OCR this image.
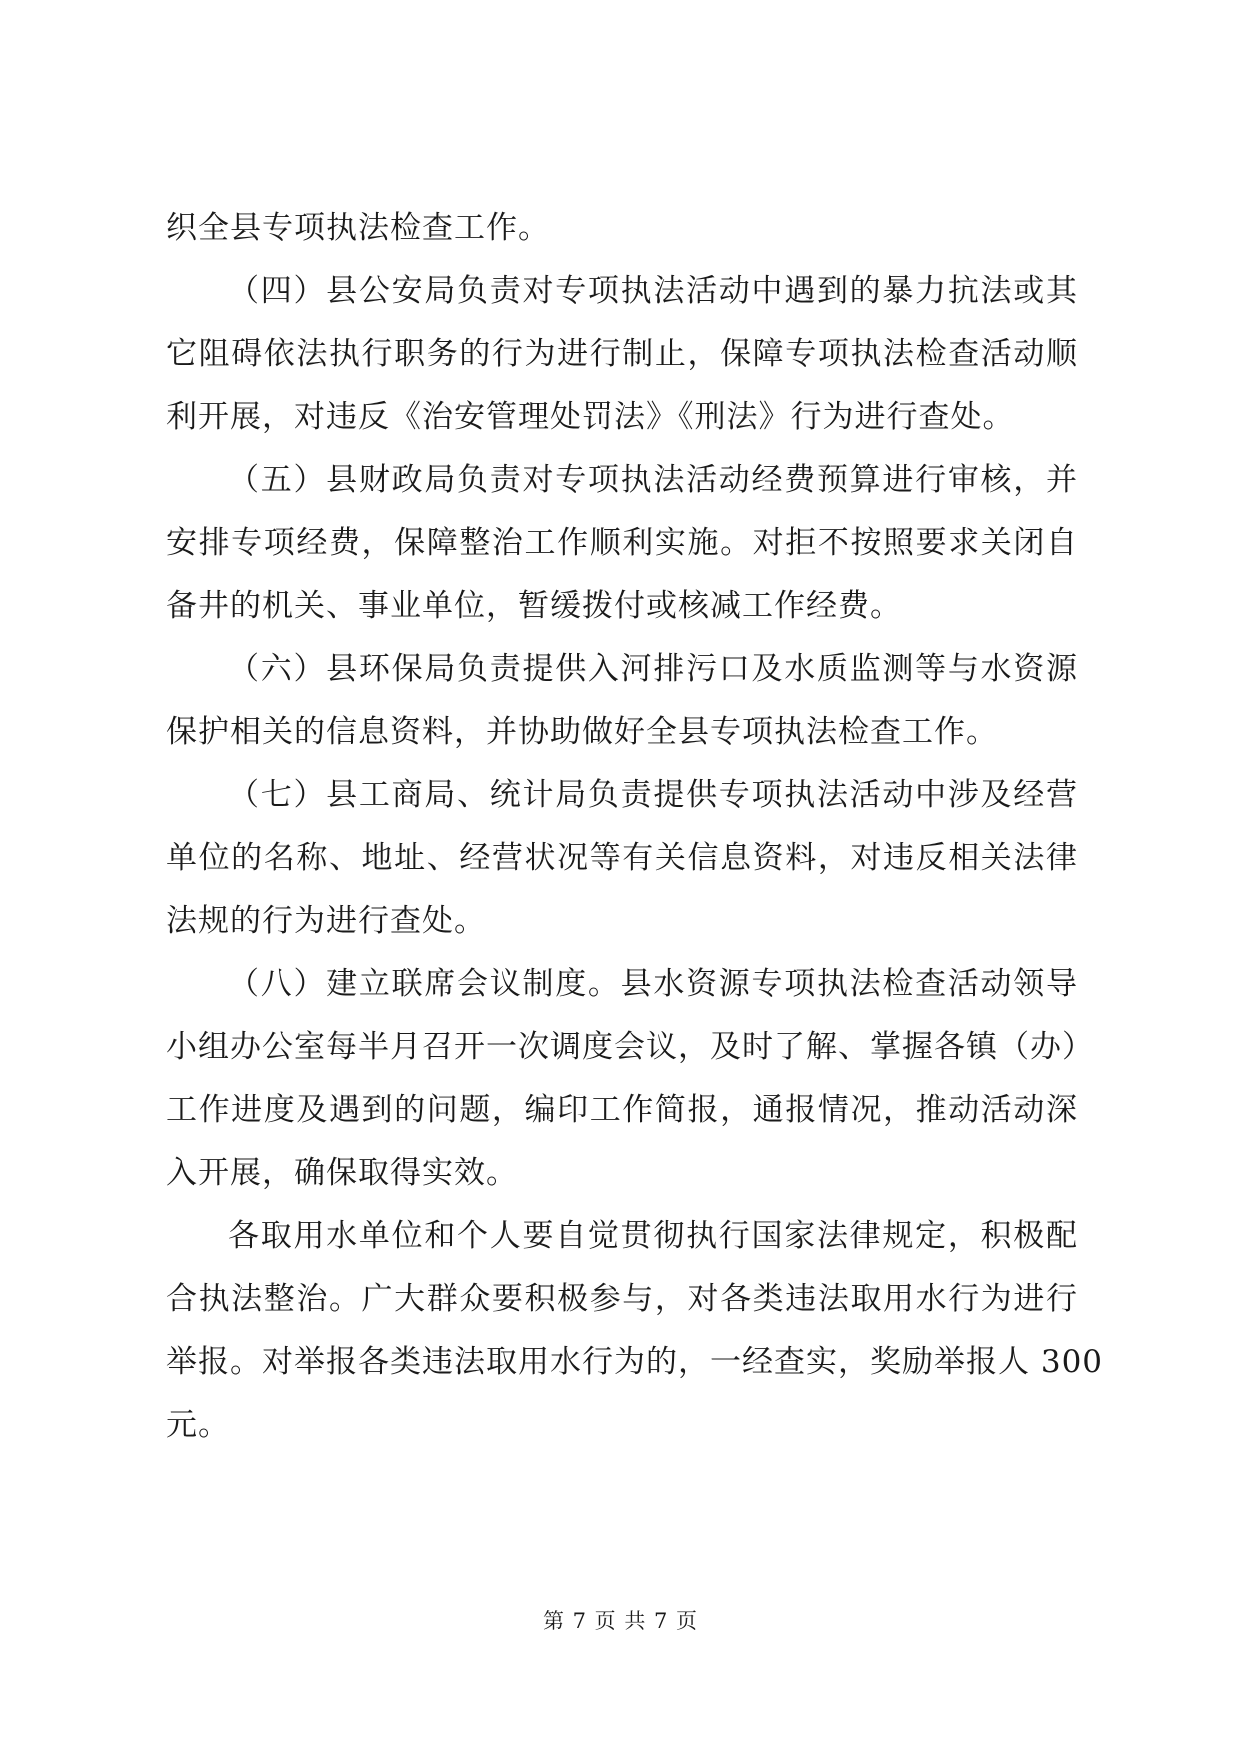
织全县专项执法检查工作。
（四）县公安局负责对专项执法活动中遇到的暴力抗法或其
它阻碍依法执行职务的行为进行制止，保障专项执法检查活动顺
利开展，对违反《治安管理处罚法》《刑法》行为进行查处。
（五）县财政局负责对专项执法活动经费预算进行审核，并
安排专项经费，保障整治工作顺利实施。对拒不按照要求关闭自
备井的机关、事业单位，暂缓拨付或核减工作经费。
（六）县环保局负责提供入河排污口及水质监测等与水资源
保护相关的信息资料，并协助做好全县专项执法检查工作。
（七）县工商局、统计局负责提供专项执法活动中涉及经营
单位的名称、地址、经营状况等有关信息资料，对违反相关法律
法规的行为进行查处。
（八）建立联席会议制度。县水资源专项执法检查活动领导
小组办公室每半月召开一次调度会议，及时了解、掌握各镇（办）
工作进度及遇到的问题，编印工作简报，通报情况，推动活动深
入开展，确保取得实效。
各取用水单位和个人要自觉贯彻执行国家法律规定，积极配
合执法整治。广大群众要积极参与，对各类违法取用水行为进行
举报。对举报各类违法取用水行为的，一经查实，奖励举报人 300
元。
第 7 页 共 7 页
